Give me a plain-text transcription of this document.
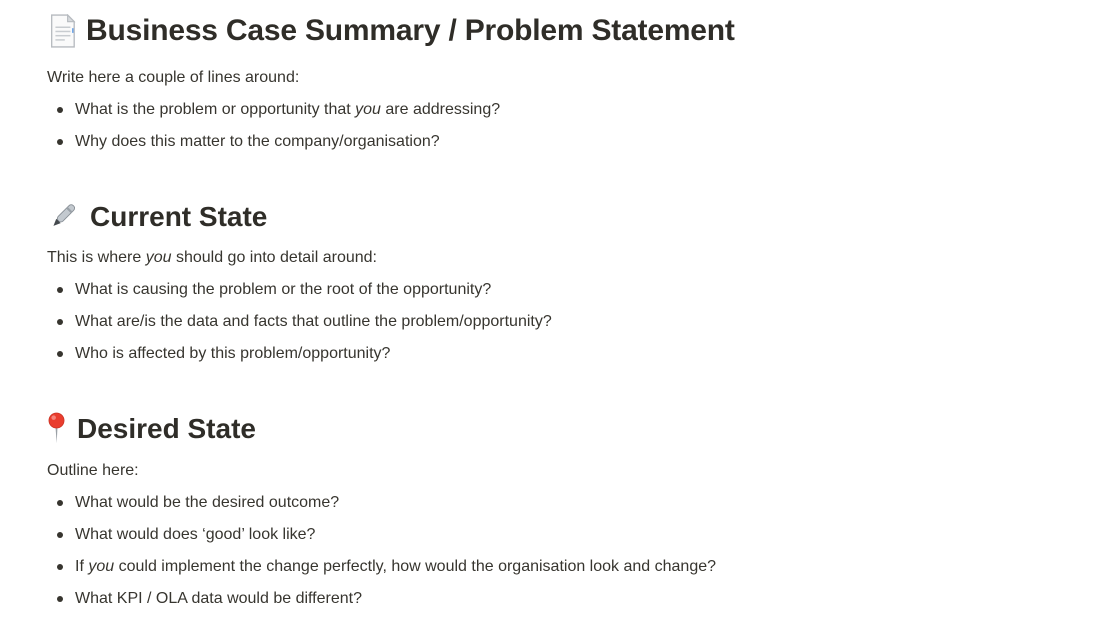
Business Case Summary / Problem Statement

Write here a couple of lines around:

What is the problem or opportunity that you are addressing?
Why does this matter to the company/organisation?
Current State

This is where you should go into detail around:

What is causing the problem or the root of the opportunity?
What are/is the data and facts that outline the problem/opportunity?
Who is affected by this problem/opportunity?
Desired State

Outline here:

What would be the desired outcome?
What would does ‘good’ look like?
If you could implement the change perfectly, how would the organisation look and change?
What KPI / OLA data would be different?
